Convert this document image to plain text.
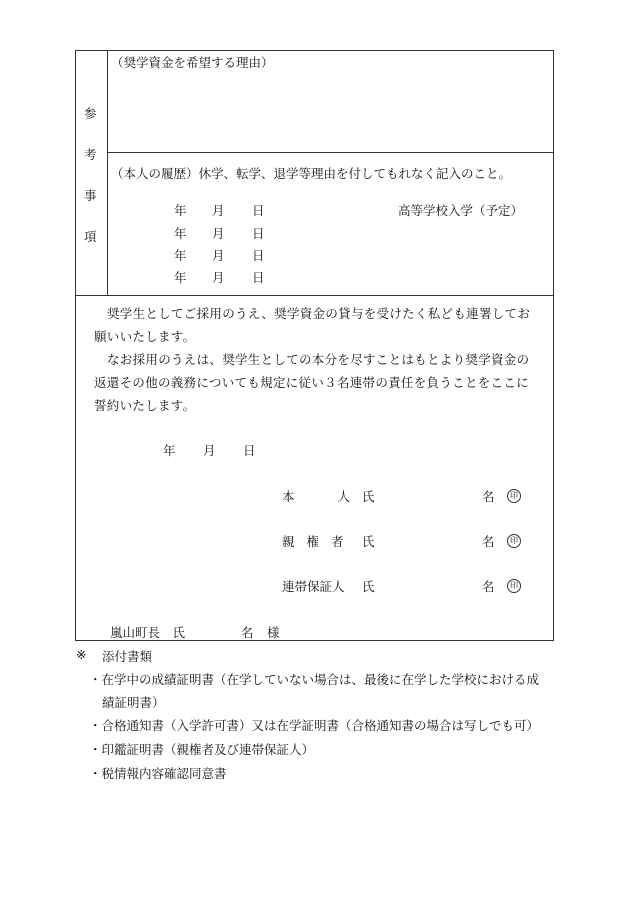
参
考
事
項
（奨学資金を希望する理由）
（本人の履歴）休学、転学、退学等理由を付してもれなく記入のこと。
年 月 日	高等学校入学（予定）
年 月 日
年 月 日
年 月 日
奨学生としてご採用のうえ、奨学資金の貸与を受けたく私ども連署してお願いいたします。
なお採用のうえは、奨学生としての本分を尽すことはもとより奨学資金の返還その他の義務についても規定に従い３名連帯の責任を負うことをここに誓約いたします。
年 月 日
本　　人 氏	名	印
親 権 者 氏	名	印
連帯保証人 氏	名	印
嵐山町長　氏	名 様
※ 添付書類
・在学中の成績証明書（在学していない場合は、最後に在学した学校における成
績証明書）
・合格通知書（入学許可書）又は在学証明書（合格通知書の場合は写しでも可）
・印鑑証明書（親権者及び連帯保証人）
・税情報内容確認同意書
